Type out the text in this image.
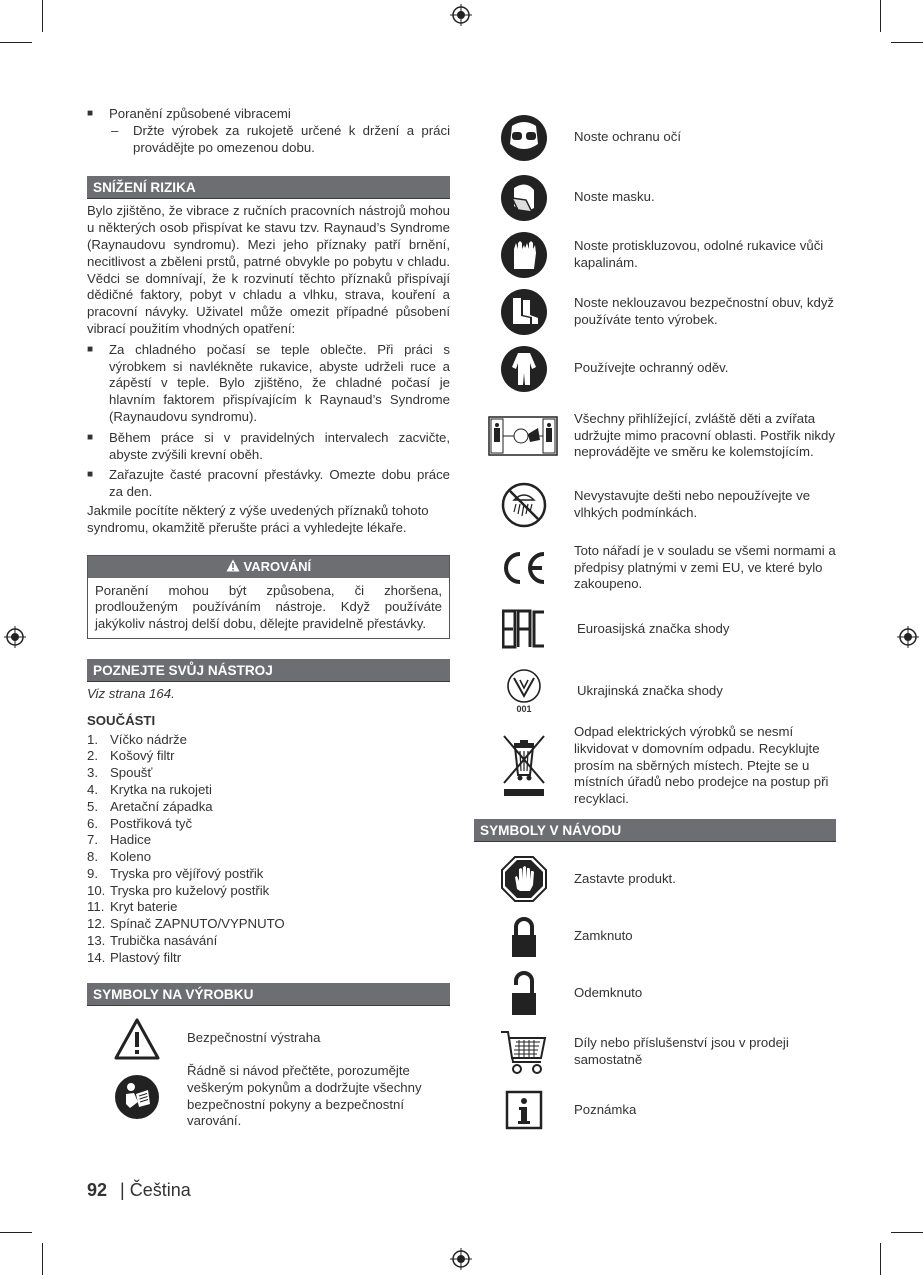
■ Poranění způsobené vibracemi
– Držte výrobek za rukojetě určené k držení a práci provádějte po omezenou dobu.
SNÍŽENÍ RIZIKA
Bylo zjištěno, že vibrace z ručních pracovních nástrojů mohou u některých osob přispívat ke stavu tzv. Raynaud’s Syndrome (Raynaudovu syndromu). Mezi jeho příznaky patří brnění, necitlivost a zběleni prstů, patrné obvykle po pobytu v chladu. Vědci se domnívají, že k rozvinutí těchto příznaků přispívají dědičné faktory, pobyt v chladu a vlhku, strava, kouření a pracovní návyky. Uživatel může omezit případné působení vibrací použitím vhodných opatření:
■ Za chladného počasí se teple oblečte. Při práci s výrobkem si navlékněte rukavice, abyste udrželi ruce a zápěstí v teple. Bylo zjištěno, že chladné počasí je hlavním faktorem přispívajícím k Raynaud’s Syndrome (Raynaudovu syndromu).
■ Během práce si v pravidelných intervalech zacvičte, abyste zvýšili krevní oběh.
■ Zařazujte časté pracovní přestávky. Omezte dobu práce za den.
Jakmile pocítíte některý z výše uvedených příznaků tohoto syndromu, okamžitě přerušte práci a vyhledejte lékaře.
VAROVÁNÍ
Poranění mohou být způsobena, či zhoršena, prodlouženým používáním nástroje. Když používáte jakýkoliv nástroj delší dobu, dělejte pravidelně přestávky.
POZNEJTE SVŮJ NÁSTROJ
Viz strana 164.
SOUČÁSTI
1. Víčko nádrže
2. Košový filtr
3. Spoušť
4. Krytka na rukojeti
5. Aretační západka
6. Postřiková tyč
7. Hadice
8. Koleno
9. Tryska pro vějířový postřik
10. Tryska pro kuželový postřik
11. Kryt baterie
12. Spínač ZAPNUTO/VYPNUTO
13. Trubička nasávání
14. Plastový filtr
SYMBOLY NA VÝROBKU
Bezpečnostní výstraha
Řádně si návod přečtěte, porozumějte veškerým pokynům a dodržujte všechny bezpečnostní pokyny a bezpečnostní varování.
Noste ochranu očí
Noste masku.
Noste protiskluzovou, odolné rukavice vůči kapalinám.
Noste neklouzavou bezpečnostní obuv, když používáte tento výrobek.
Používejte ochranný oděv.
Všechny přihlížející, zvláště děti a zvířata udržujte mimo pracovní oblasti. Postřik nikdy neprovádějte ve směru ke kolemstojícím.
Nevystavujte dešti nebo nepoužívejte ve vlhkých podmínkách.
Toto nářadí je v souladu se všemi normami a předpisy platnými v zemi EU, ve které bylo zakoupeno.
Euroasijská značka shody
001
Ukrajinská značka shody
Odpad elektrických výrobků se nesmí likvidovat v domovním odpadu. Recyklujte prosím na sběrných místech. Ptejte se u místních úřadů nebo prodejce na postup při recyklaci.
SYMBOLY V NÁVODU
Zastavte produkt.
Zamknuto
Odemknuto
Díly nebo příslušenství jsou v prodeji samostatně
Poznámka
92 | Čeština
